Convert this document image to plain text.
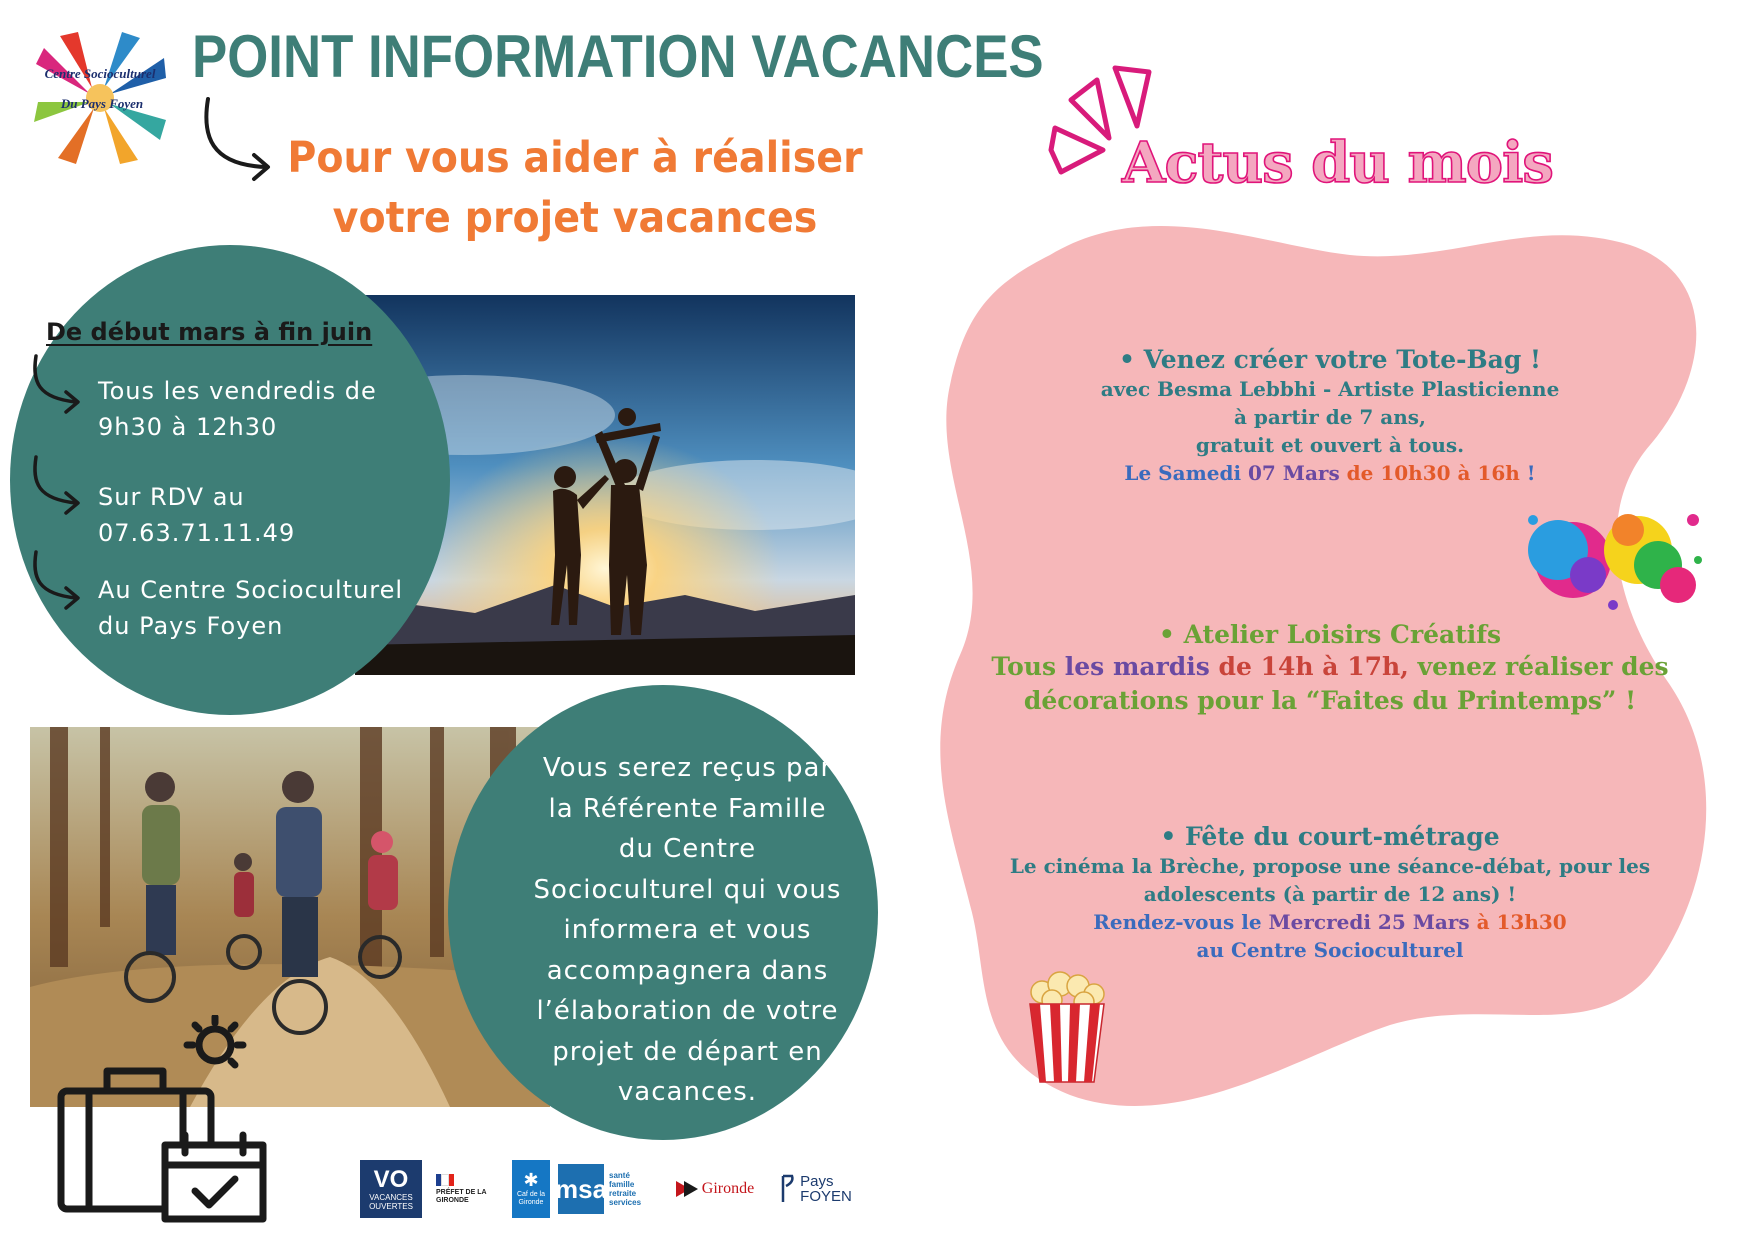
Centre Socioculturel
Du Pays Foyen
POINT INFORMATION VACANCES
Pour vous aider à réaliser
votre projet vacances

De début mars à fin juin

Tous les vendredis de

9h30 à 12h30

Sur RDV au

07.63.71.11.49

Au Centre Socioculturel

du Pays Foyen

Vous serez reçus par
la Référente Famille
du Centre
Socioculturel qui vous
informera et vous
accompagnera dans
l’élaboration de votre
projet de départ en
vacances.
VO
VACANCES OUVERTES
PRÉFET DE LA GIRONDE
✱
Caf de la Gironde msa santé famille retraite services
Gironde	Pays
FOYEN
Actus du mois

• Venez créer votre Tote-Bag !

avec Besma Lebbhi - Artiste Plasticienne

à partir de 7 ans,

gratuit et ouvert à tous.

Le Samedi 07 Mars de 10h30 à 16h !

• Atelier Loisirs Créatifs

Tous les mardis de 14h à 17h, venez réaliser des

décorations pour la “Faites du Printemps” !

• Fête du court-métrage

Le cinéma la Brèche, propose une séance-débat, pour les

adolescents (à partir de 12 ans) !

Rendez-vous le Mercredi 25 Mars à 13h30

au Centre Socioculturel
